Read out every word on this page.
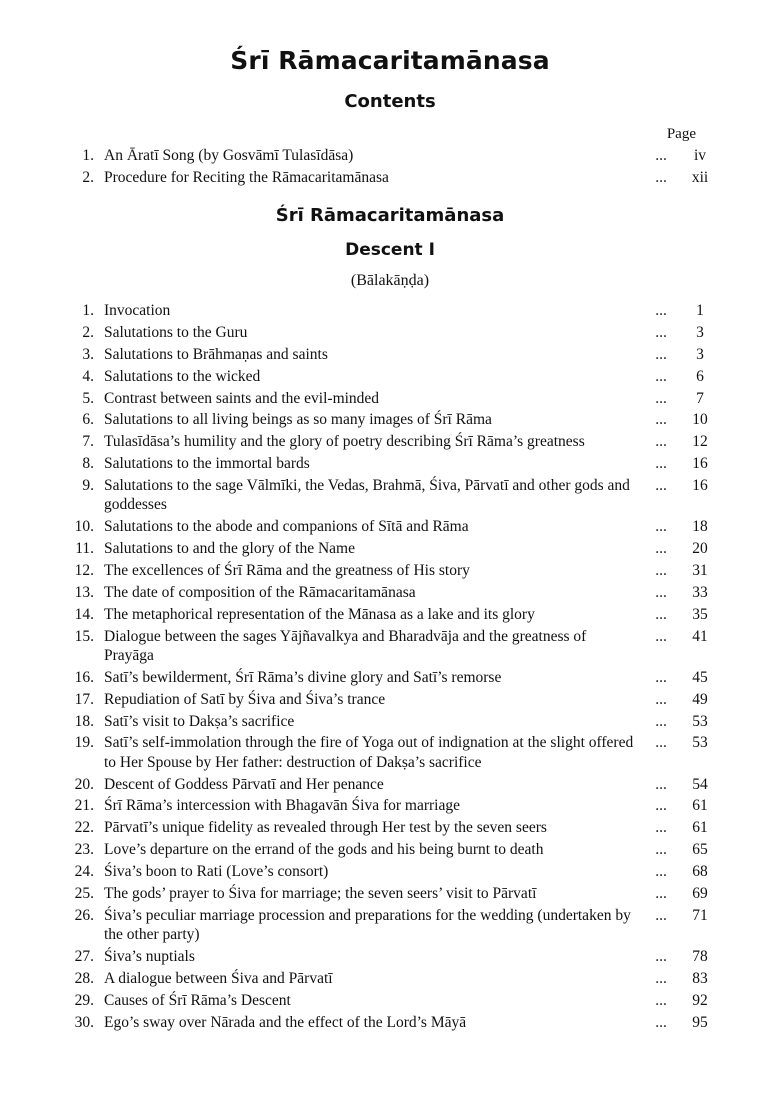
Śrī Rāmacaritamānasa
Contents
Page
1.	An Āratī Song (by Gosvāmī Tulasīdāsa)	...	iv
2.	Procedure for Reciting the Rāmacaritamānasa	...	xii
Śrī Rāmacaritamānasa
Descent I
(Bālakāṇḍa)
1.	Invocation	...	1
2.	Salutations to the Guru	...	3
3.	Salutations to Brāhmaṇas and saints	...	3
4.	Salutations to the wicked	...	6
5.	Contrast between saints and the evil-minded	...	7
6.	Salutations to all living beings as so many images of Śrī Rāma	...	10
7.	Tulasīdāsa’s humility and the glory of poetry describing Śrī Rāma’s greatness	...	12
8.	Salutations to the immortal bards	...	16
9.	Salutations to the sage Vālmīki, the Vedas, Brahmā, Śiva, Pārvatī and other gods and goddesses	...	16
10.	Salutations to the abode and companions of Sītā and Rāma	...	18
11.	Salutations to and the glory of the Name	...	20
12.	The excellences of Śrī Rāma and the greatness of His story	...	31
13.	The date of composition of the Rāmacaritamānasa	...	33
14.	The metaphorical representation of the Mānasa as a lake and its glory	...	35
15.	Dialogue between the sages Yājñavalkya and Bharadvāja and the greatness of Prayāga	...	41
16.	Satī’s bewilderment, Śrī Rāma’s divine glory and Satī’s remorse	...	45
17.	Repudiation of Satī by Śiva and Śiva’s trance	...	49
18.	Satī’s visit to Dakṣa’s sacrifice	...	53
19.	Satī’s self-immolation through the fire of Yoga out of indignation at the slight offered to Her Spouse by Her father: destruction of Dakṣa’s sacrifice	...	53
20.	Descent of Goddess Pārvatī and Her penance	...	54
21.	Śrī Rāma’s intercession with Bhagavān Śiva for marriage	...	61
22.	Pārvatī’s unique fidelity as revealed through Her test by the seven seers	...	61
23.	Love’s departure on the errand of the gods and his being burnt to death	...	65
24.	Śiva’s boon to Rati (Love’s consort)	...	68
25.	The gods’ prayer to Śiva for marriage; the seven seers’ visit to Pārvatī	...	69
26.	Śiva’s peculiar marriage procession and preparations for the wedding (undertaken by the other party)	...	71
27.	Śiva’s nuptials	...	78
28.	A dialogue between Śiva and Pārvatī	...	83
29.	Causes of Śrī Rāma’s Descent	...	92
30.	Ego’s sway over Nārada and the effect of the Lord’s Māyā	...	95
